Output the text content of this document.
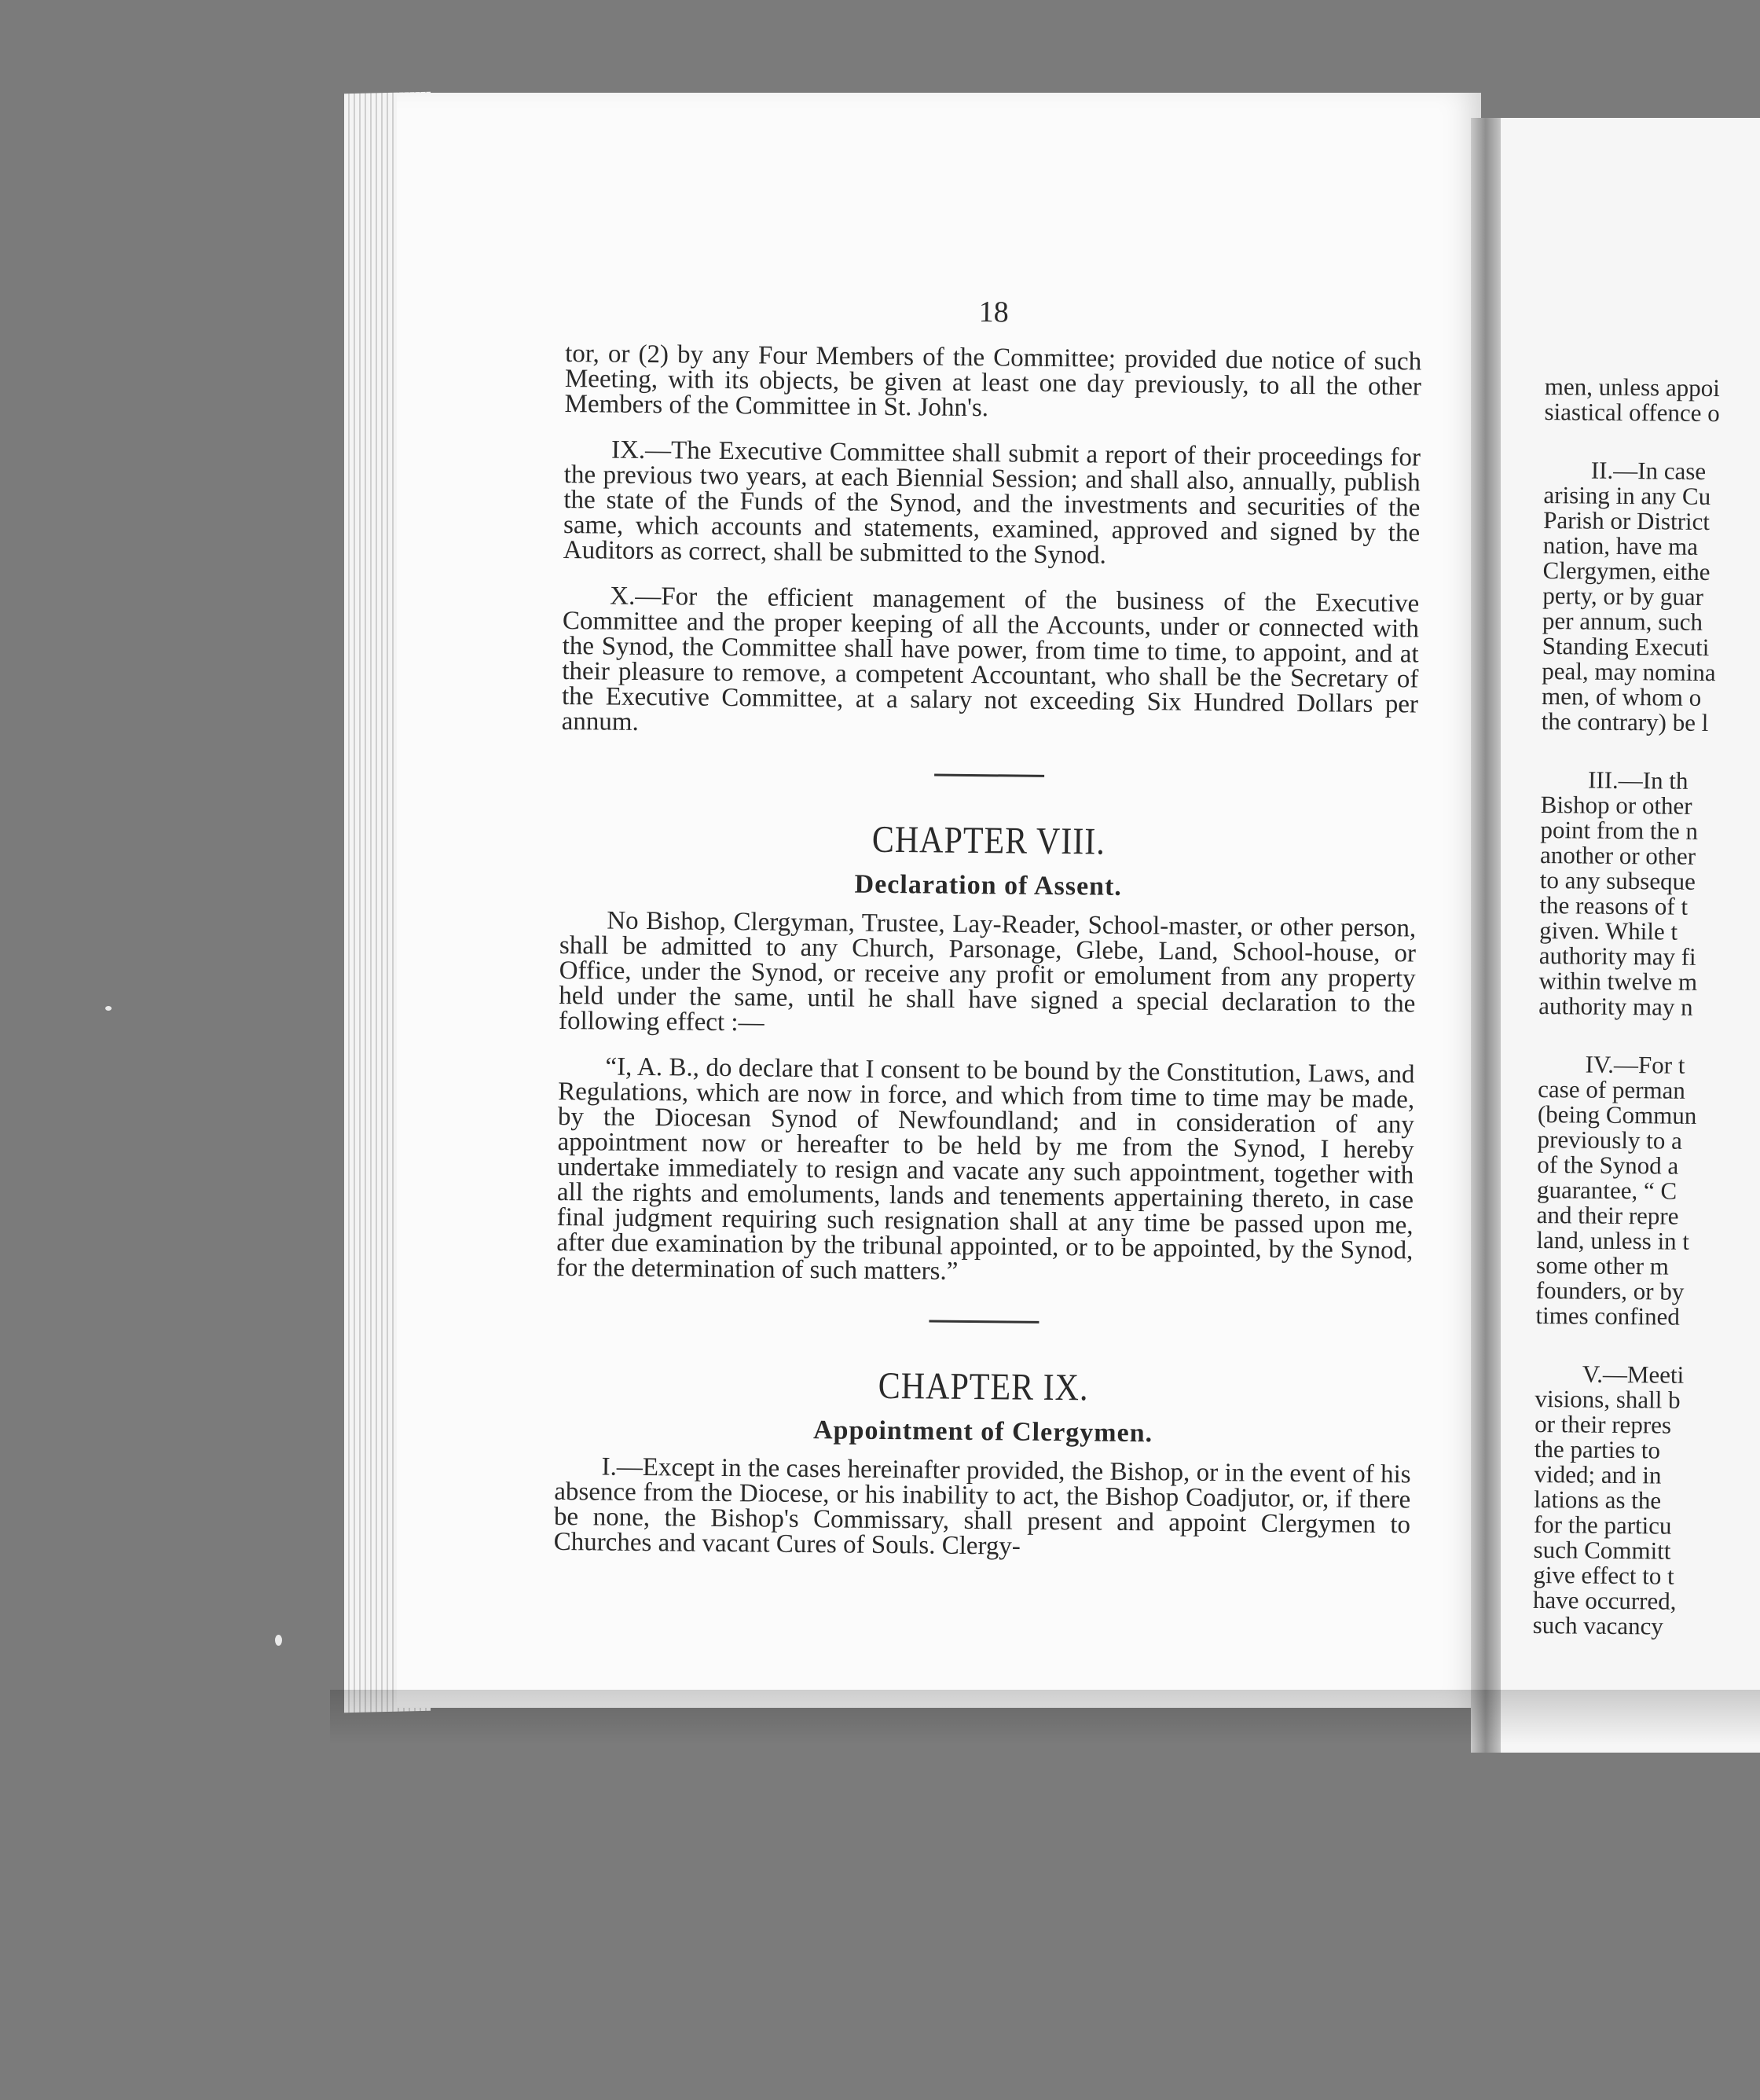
men, unless appoi
siastical offence o
II.—In case
arising in any Cu
Parish or District
nation, have ma
Clergymen, eithe
perty, or by guar
per annum, such
Standing Executi
peal, may nomina
men, of whom o
the contrary) be l
III.—In th
Bishop or other
point from the n
another or other
to any subseque
the reasons of t
given. While t
authority may fi
within twelve m
authority may n
IV.—For t
case of perman
(being Commun
previously to a
of the Synod a
guarantee, “ C
and their repre
land, unless in t
some other m
founders, or by
times confined
V.—Meeti
visions, shall b
or their repres
the parties to
vided; and in
lations as the
for the particu
such Committ
give effect to t
have occurred,
such vacancy
18

tor, or (2) by any Four Members of the Committee; provided due notice of such Meeting, with its objects, be given at least one day previously, to all the other Members of the Committee in St. John's.

IX.—The Executive Committee shall submit a report of their proceedings for the previous two years, at each Biennial Session; and shall also, annually, publish the state of the Funds of the Synod, and the investments and securities of the same, which accounts and statements, examined, approved and signed by the Auditors as correct, shall be submitted to the Synod.

X.—For the efficient management of the business of the Executive Committee and the proper keeping of all the Accounts, under or connected with the Synod, the Committee shall have power, from time to time, to appoint, and at their pleasure to remove, a competent Accountant, who shall be the Secretary of the Executive Committee, at a salary not exceeding Six Hundred Dollars per annum.

CHAPTER VIII.
Declaration of Assent.

No Bishop, Clergyman, Trustee, Lay-Reader, School-master, or other person, shall be admitted to any Church, Parsonage, Glebe, Land, School-house, or Office, under the Synod, or receive any profit or emolument from any property held under the same, until he shall have signed a special declaration to the following effect :—

“I, A. B., do declare that I consent to be bound by the Constitution, Laws, and Regulations, which are now in force, and which from time to time may be made, by the Diocesan Synod of Newfoundland; and in consideration of any appointment now or hereafter to be held by me from the Synod, I hereby undertake immediately to resign and vacate any such appointment, together with all the rights and emoluments, lands and tenements appertaining thereto, in case final judgment requiring such resignation shall at any time be passed upon me, after due examination by the tribunal appointed, or to be appointed, by the Synod, for the determination of such matters.”

CHAPTER IX.
Appointment of Clergymen.

I.—Except in the cases hereinafter provided, the Bishop, or in the event of his absence from the Diocese, or his inability to act, the Bishop Coadjutor, or, if there be none, the Bishop's Commissary, shall present and appoint Clergymen to Churches and vacant Cures of Souls. Clergy-
